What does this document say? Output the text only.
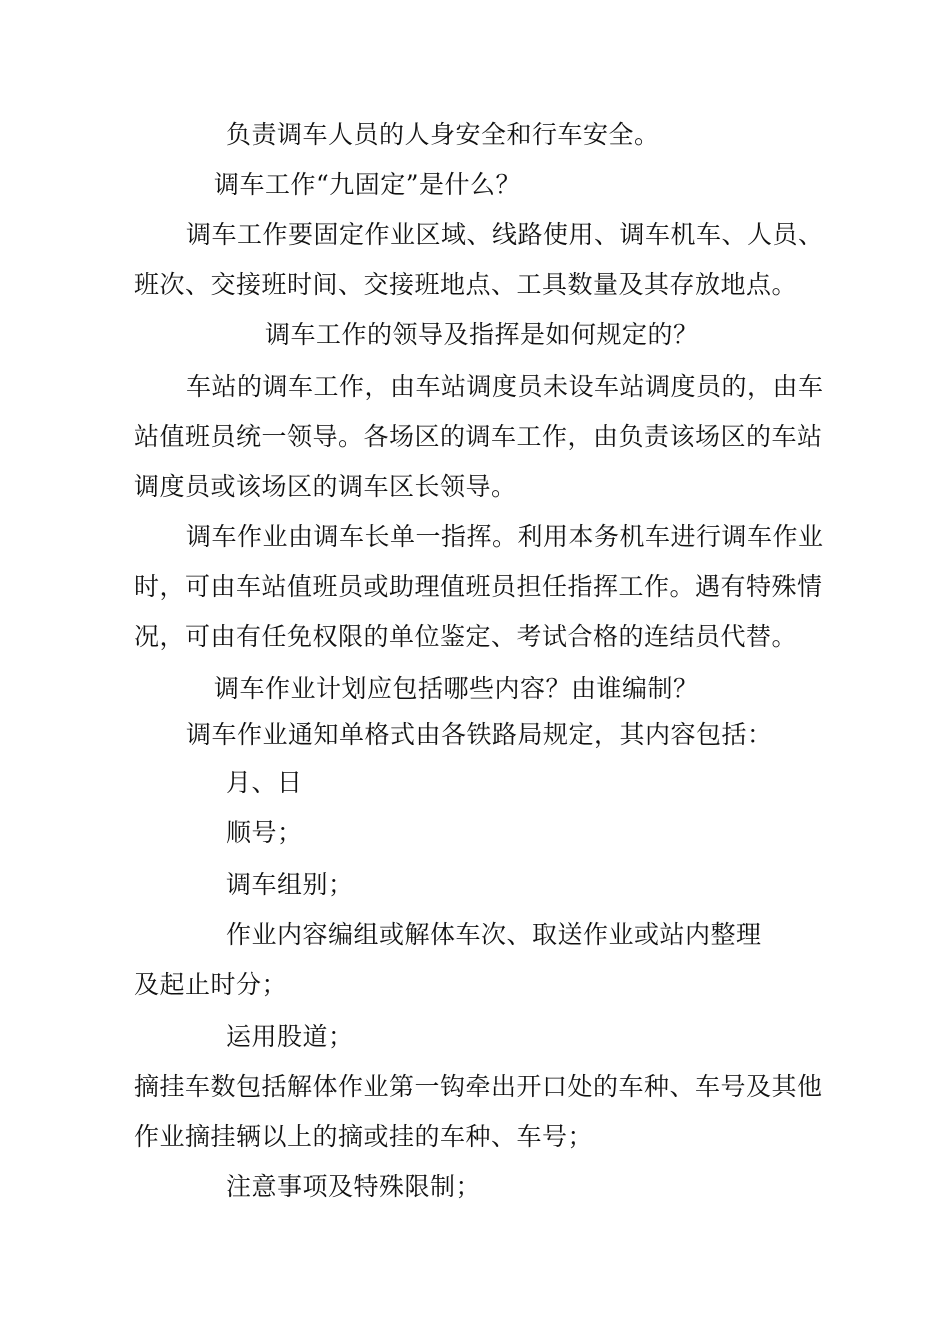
负责调车人员的人身安全和行车安全。
调车工作“九固定”是什么？
调车工作要固定作业区域、线路使用、调车机车、人员、
班次、交接班时间、交接班地点、工具数量及其存放地点。
调车工作的领导及指挥是如何规定的？
车站的调车工作，由车站调度员未设车站调度员的，由车
站值班员统一领导。各场区的调车工作，由负责该场区的车站
调度员或该场区的调车区长领导。
调车作业由调车长单一指挥。利用本务机车进行调车作业
时，可由车站值班员或助理值班员担任指挥工作。遇有特殊情
况，可由有任免权限的单位鉴定、考试合格的连结员代替。
调车作业计划应包括哪些内容？由谁编制？
调车作业通知单格式由各铁路局规定，其内容包括：
月、日
顺号；
调车组别；
作业内容编组或解体车次、取送作业或站内整理
及起止时分；
运用股道；
摘挂车数包括解体作业第一钩牵出开口处的车种、车号及其他
作业摘挂辆以上的摘或挂的车种、车号；
注意事项及特殊限制；
